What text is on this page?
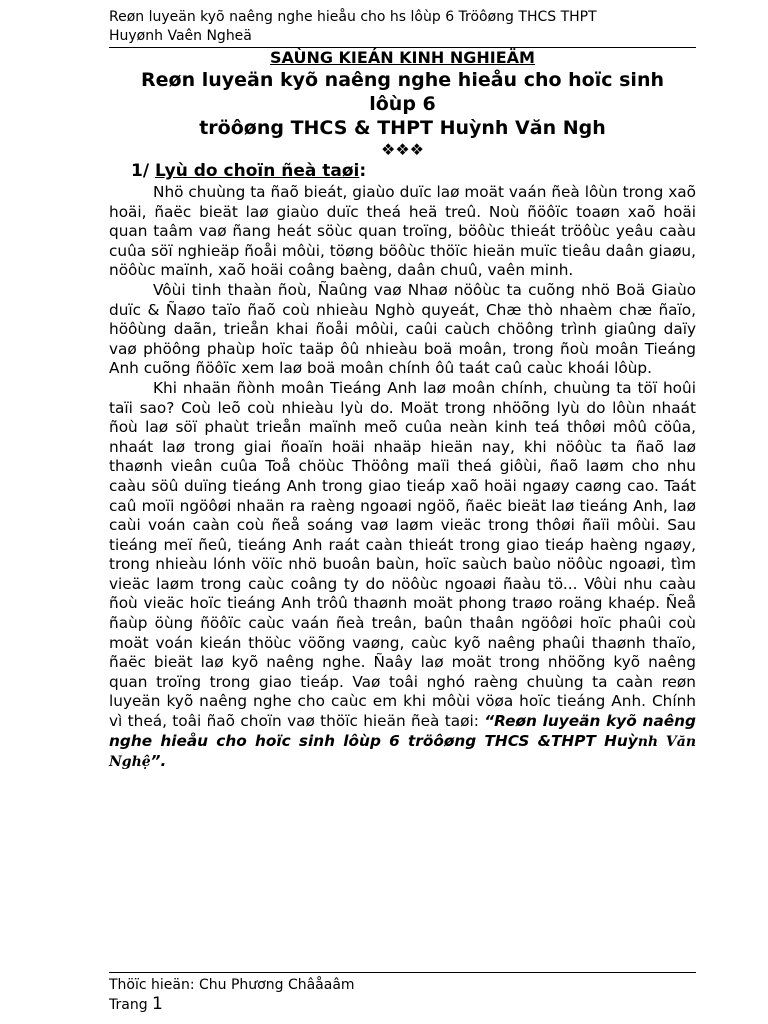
Reøn luyeän kyõ naêng nghe hieåu cho hs lôùp 6 Tröôøng THCS THPT
Huyønh Vaên Ngheä
SAÙNG KIEÁN KINH NGHIEÄM
Reøn luyeän kyõ naêng nghe hieåu cho hoïc sinh
lôùp 6
tröôøng THCS & THPT Huỳnh Văn Ngh
❖❖❖
1/ Lyù do choïn ñeà taøi:

Nhö chuùng ta ñaõ bieát, giaùo duïc laø moät vaán ñeà lôùn trong xaõ hoäi, ñaëc bieät laø giaùo duïc theá heä treû. Noù ñöôïc toaøn xaõ hoäi quan taâm vaø ñang heát söùc quan troïng, böôùc thieát tröôùc yeâu caàu cuûa söï nghieäp ñoåi môùi, töøng böôùc thöïc hieän muïc tieâu daân giaøu, nöôùc maïnh, xaõ hoäi coâng baèng, daân chuû, vaên minh.

Vôùi tinh thaàn ñoù, Ñaûng vaø Nhaø nöôùc ta cuõng nhö Boä Giaùo duïc & Ñaøo taïo ñaõ coù nhieàu Nghò quyeát, Chæ thò nhaèm chæ ñaïo, höôùng daãn, trieån khai ñoåi môùi, caûi caùch chöông trình giaûng daïy vaø phöông phaùp hoïc taäp ôû nhieàu boä moân, trong ñoù moân Tieáng Anh cuõng ñöôïc xem laø boä moân chính ôû taát caû caùc khoái lôùp.

Khi nhaän ñònh moân Tieáng Anh laø moân chính, chuùng ta töï hoûi taïi sao? Coù leõ coù nhieàu lyù do. Moät trong nhöõng lyù do lôùn nhaát ñoù laø söï phaùt trieån maïnh meõ cuûa neàn kinh teá thôøi môû cöûa, nhaát laø trong giai ñoaïn hoäi nhaäp hieän nay, khi nöôùc ta ñaõ laø thaønh vieân cuûa Toå chöùc Thöông maïi theá giôùi, ñaõ laøm cho nhu caàu söû duïng tieáng Anh trong giao tieáp xaõ hoäi ngaøy caøng cao. Taát caû moïi ngöôøi nhaän ra raèng ngoaøi ngöõ, ñaëc bieät laø tieáng Anh, laø caùi voán caàn coù ñeå soáng vaø laøm vieäc trong thôøi ñaïi môùi. Sau tieáng meï ñeû, tieáng Anh raát caàn thieát trong giao tieáp haèng ngaøy, trong nhieàu lónh vöïc nhö buoân baùn, hoïc saùch baùo nöôùc ngoaøi, tìm vieäc laøm trong caùc coâng ty do nöôùc ngoaøi ñaàu tö... Vôùi nhu caàu ñoù vieäc hoïc tieáng Anh trôû thaønh moät phong traøo roäng khaép. Ñeå ñaùp öùng ñöôïc caùc vaán ñeà treân, baûn thaân ngöôøi hoïc phaûi coù moät voán kieán thöùc vöõng vaøng, caùc kyõ naêng phaûi thaønh thaïo, ñaëc bieät laø kyõ naêng nghe. Ñaây laø moät trong nhöõng kyõ naêng quan troïng trong giao tieáp. Vaø toâi nghó raèng chuùng ta caàn reøn luyeän kyõ naêng nghe cho caùc em khi môùi vöøa hoïc tieáng Anh. Chính vì theá, toâi ñaõ choïn vaø thöïc hieän ñeà taøi: “Reøn luyeän kyõ naêng nghe hieåu cho hoïc sinh lôùp 6 tröôøng THCS &THPT Huỳnh Văn Nghệ”.

Thöïc hieän: Chu Phương Châåaâm
Trang 1
